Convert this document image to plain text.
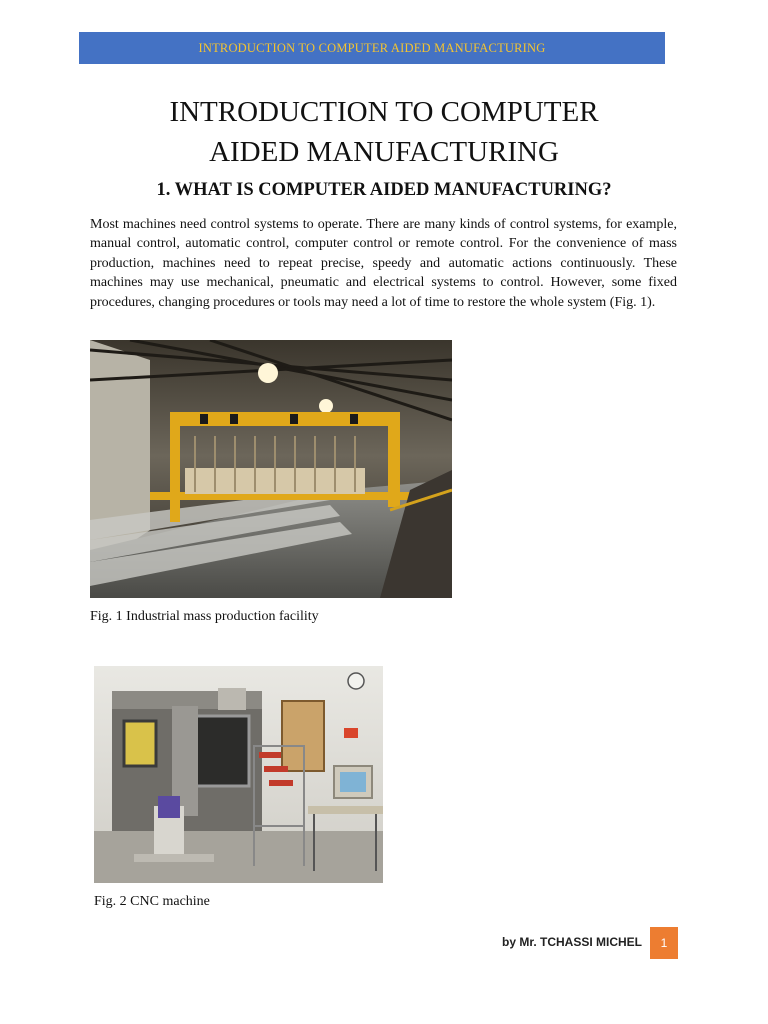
INTRODUCTION TO COMPUTER AIDED MANUFACTURING
INTRODUCTION TO COMPUTER
AIDED MANUFACTURING
1. WHAT IS COMPUTER AIDED MANUFACTURING?

Most machines need control systems to operate. There are many kinds of control systems, for example, manual control, automatic control, computer control or remote control. For the convenience of mass production, machines need to repeat precise, speedy and automatic actions continuously. These machines may use mechanical, pneumatic and electrical systems to control. However, some fixed procedures, changing procedures or tools may need a lot of time to restore the whole system (Fig. 1).

Fig. 1 Industrial mass production facility
Fig. 2 CNC machine
by Mr. TCHASSI MICHEL 1
